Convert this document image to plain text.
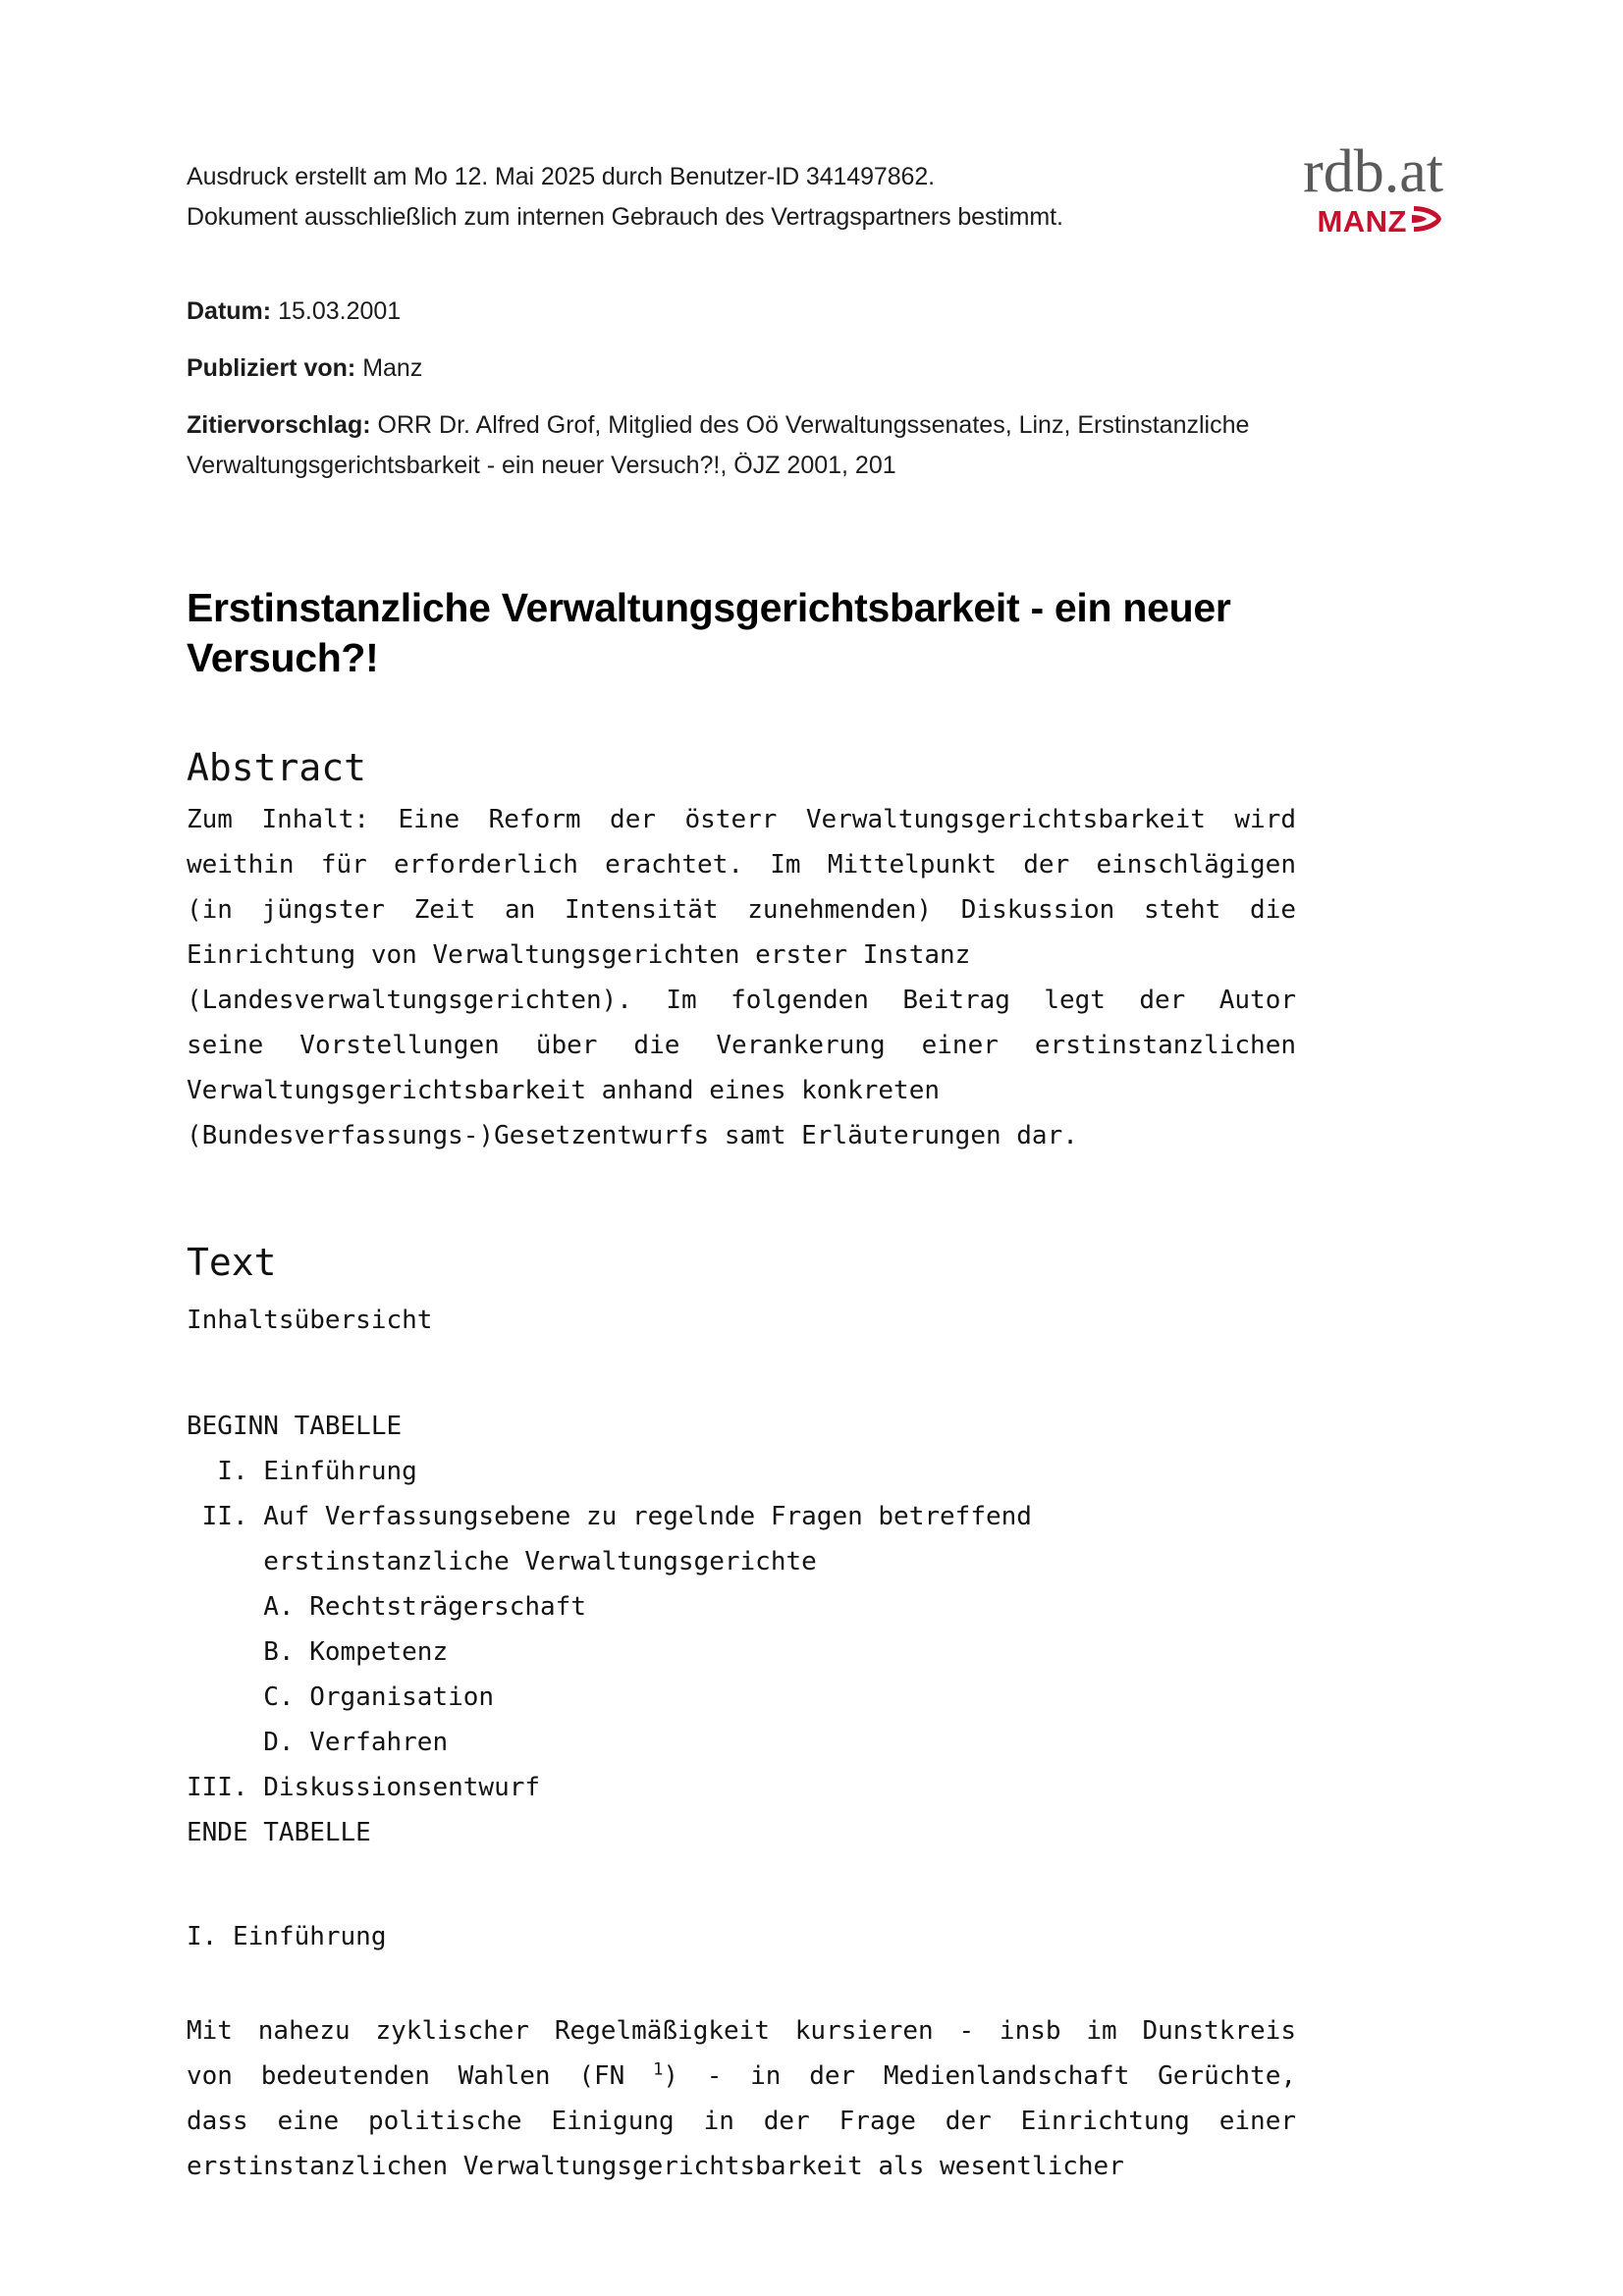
Ausdruck erstellt am Mo 12. Mai 2025 durch Benutzer-ID 341497862.
Dokument ausschließlich zum internen Gebrauch des Vertragspartners bestimmt.
rdb.at
MANZ
Datum: 15.03.2001
Publiziert von: Manz
Zitiervorschlag: ORR Dr. Alfred Grof, Mitglied des Oö Verwaltungssenates, Linz, Erstinstanzliche
Verwaltungsgerichtsbarkeit - ein neuer Versuch?!, ÖJZ 2001, 201
Erstinstanzliche Verwaltungsgerichtsbarkeit - ein neuer Versuch?!
Abstract
Zum Inhalt: Eine Reform der österr Verwaltungsgerichtsbarkeit wird
weithin für erforderlich erachtet. Im Mittelpunkt der einschlägigen
(in jüngster Zeit an Intensität zunehmenden) Diskussion steht die
Einrichtung von Verwaltungsgerichten erster Instanz
(Landesverwaltungsgerichten). Im folgenden Beitrag legt der Autor
seine Vorstellungen über die Verankerung einer erstinstanzlichen
Verwaltungsgerichtsbarkeit anhand eines konkreten
(Bundesverfassungs-)Gesetzentwurfs samt Erläuterungen dar.
Text
Inhaltsübersicht
BEGINN TABELLE
I. Einführung
II. Auf Verfassungsebene zu regelnde Fragen betreffend
erstinstanzliche Verwaltungsgerichte
A. Rechtsträgerschaft
B. Kompetenz
C. Organisation
D. Verfahren
III. Diskussionsentwurf
ENDE TABELLE
I. Einführung
Mit nahezu zyklischer Regelmäßigkeit kursieren - insb im Dunstkreis
von bedeutenden Wahlen (FN $^1$) - in der Medienlandschaft Gerüchte,
dass eine politische Einigung in der Frage der Einrichtung einer
erstinstanzlichen Verwaltungsgerichtsbarkeit als wesentlicher
